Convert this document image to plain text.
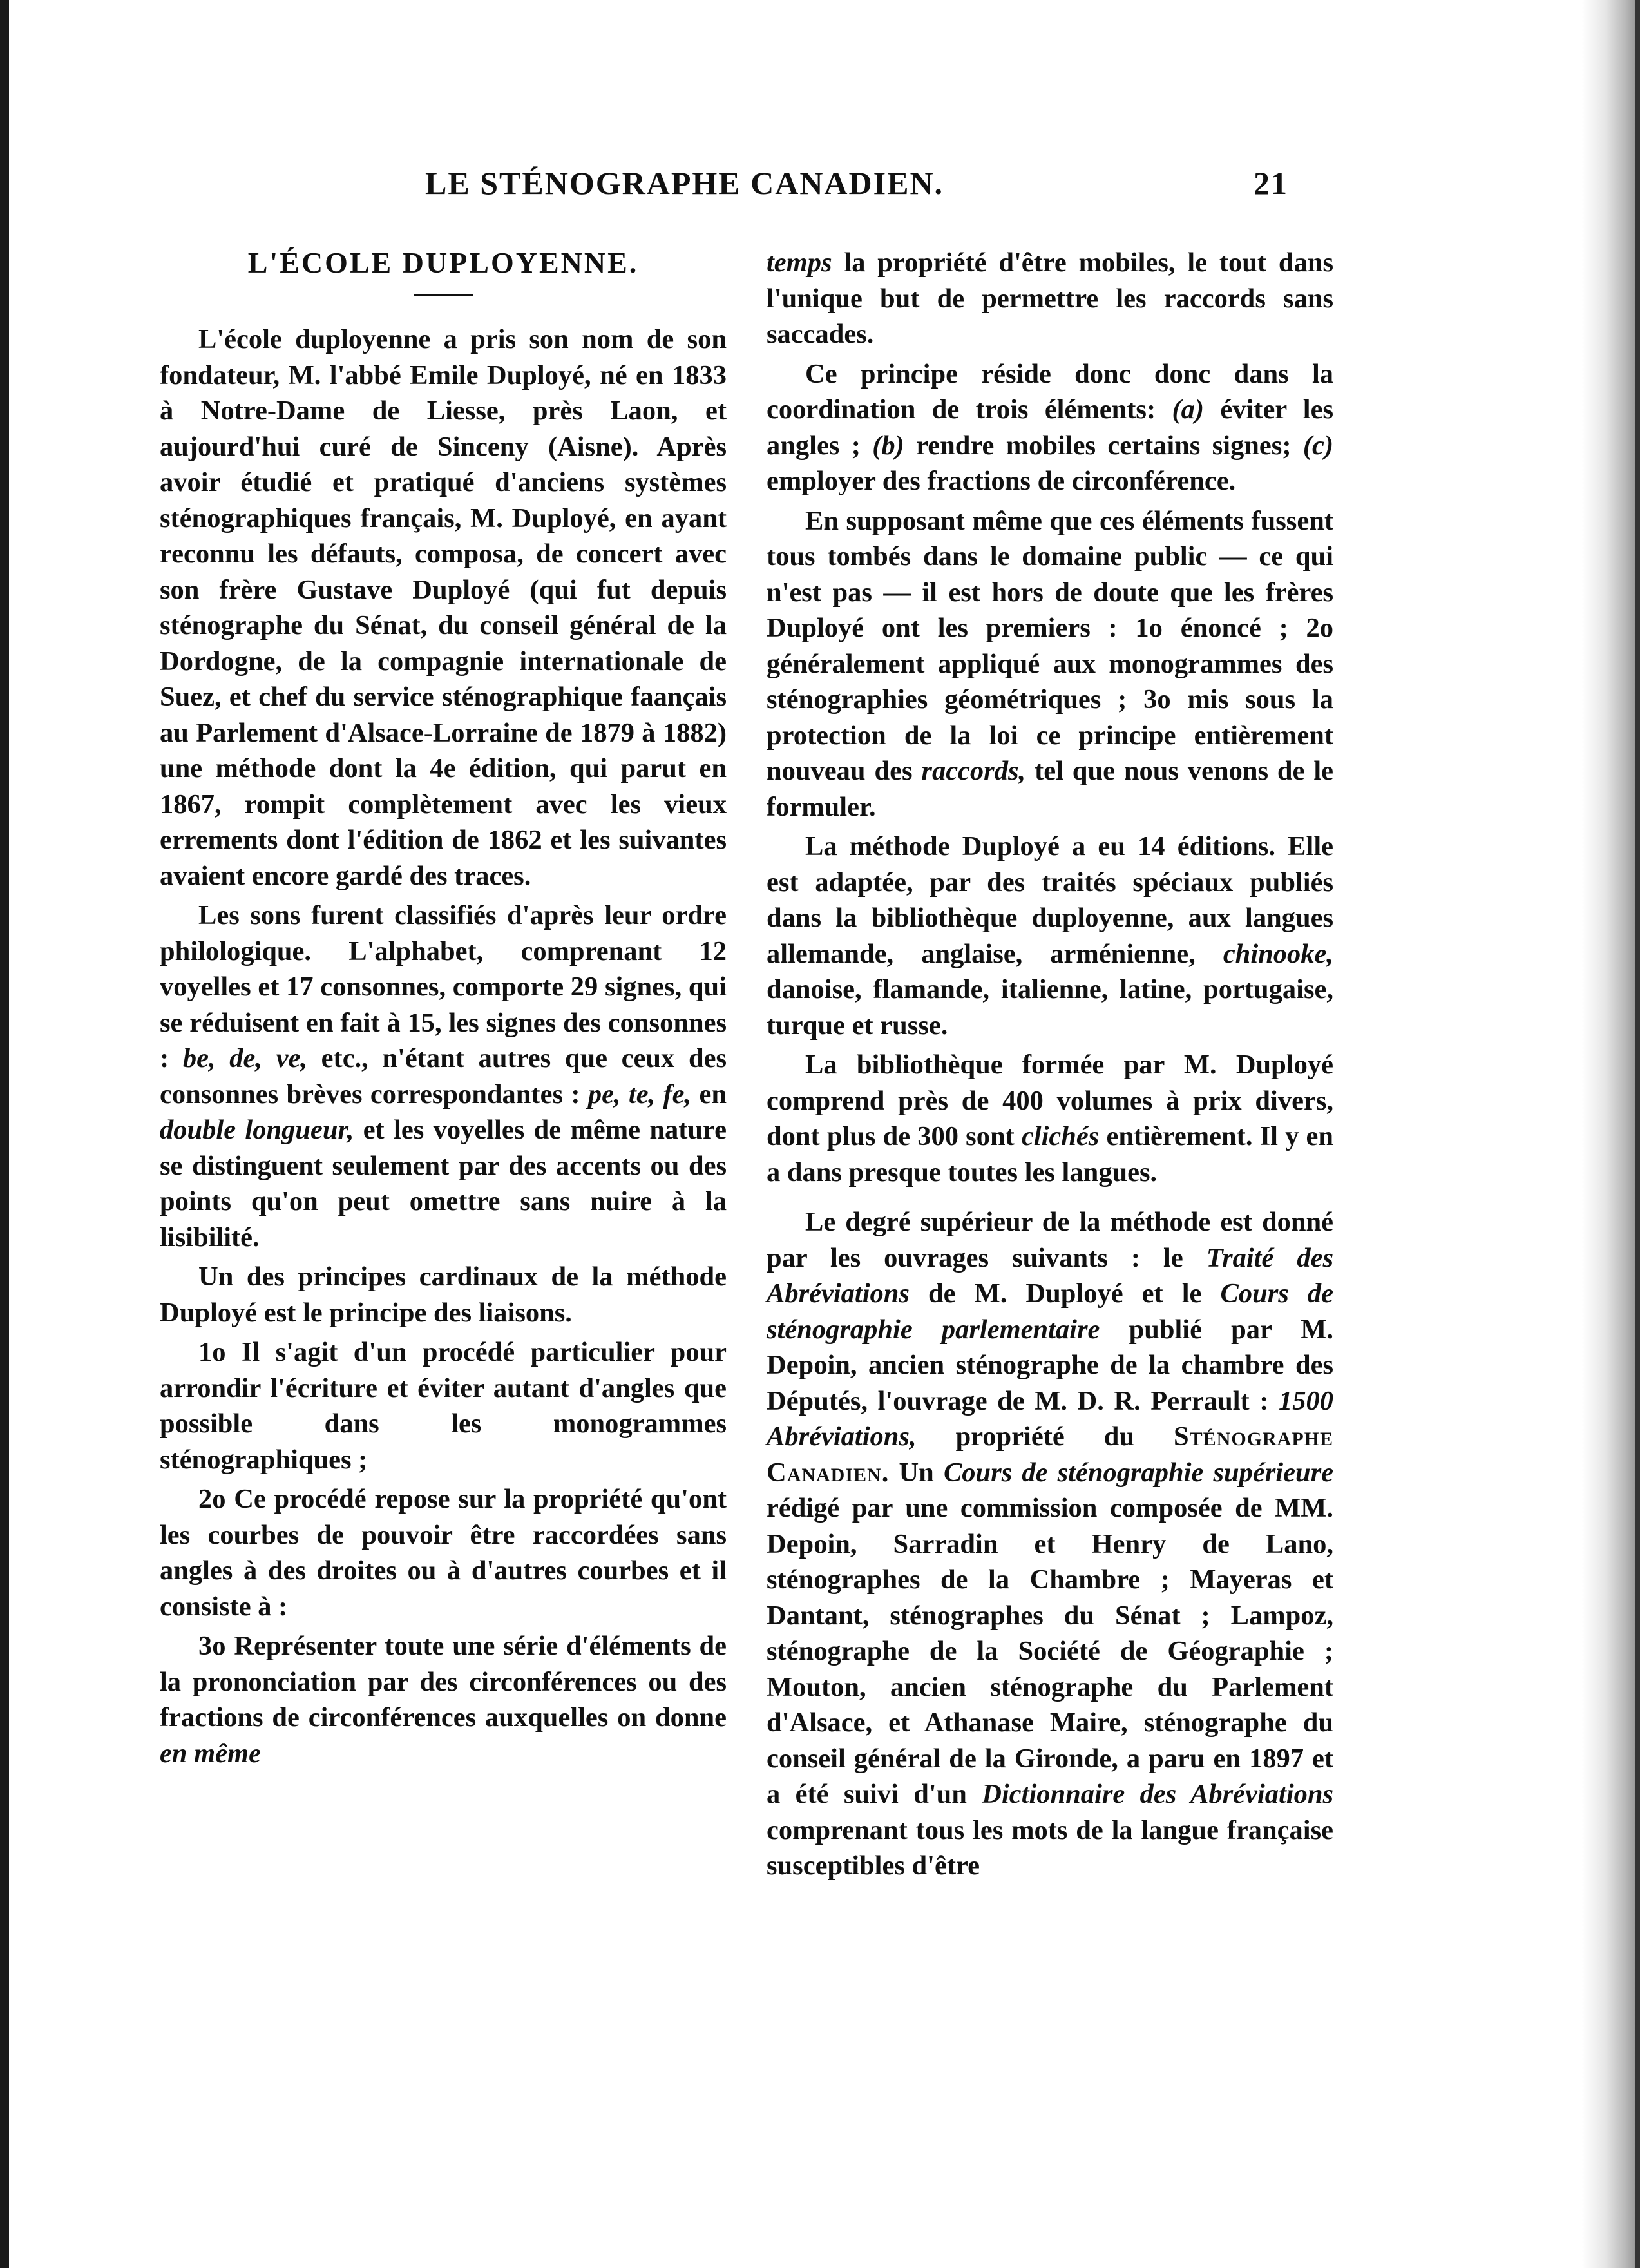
LE STÉNOGRAPHE CANADIEN.	21
L'ÉCOLE DUPLOYENNE.

L'école duployenne a pris son nom de son fondateur, M. l'abbé Emile Duployé, né en 1833 à Notre-Dame de Liesse, près Laon, et aujourd'hui curé de Sinceny (Aisne). Après avoir étudié et pratiqué d'anciens systèmes sténographiques français, M. Duployé, en ayant reconnu les défauts, composa, de concert avec son frère Gustave Duployé (qui fut depuis sténographe du Sénat, du conseil général de la Dordogne, de la compagnie internationale de Suez, et chef du service sténographique faançais au Parlement d'Alsace-Lorraine de 1879 à 1882) une méthode dont la 4e édition, qui parut en 1867, rompit complètement avec les vieux errements dont l'édition de 1862 et les suivantes avaient encore gardé des traces.

Les sons furent classifiés d'après leur ordre philologique. L'alphabet, comprenant 12 voyelles et 17 consonnes, comporte 29 signes, qui se réduisent en fait à 15, les signes des consonnes : be, de, ve, etc., n'étant autres que ceux des consonnes brèves correspondantes : pe, te, fe, en double longueur, et les voyelles de même nature se distinguent seulement par des accents ou des points qu'on peut omettre sans nuire à la lisibilité.

Un des principes cardinaux de la méthode Duployé est le principe des liaisons.

1o Il s'agit d'un procédé particulier pour arrondir l'écriture et éviter autant d'angles que possible dans les monogrammes sténographiques ;

2o Ce procédé repose sur la propriété qu'ont les courbes de pouvoir être raccordées sans angles à des droites ou à d'autres courbes et il consiste à :

3o Représenter toute une série d'éléments de la prononciation par des circonférences ou des fractions de circonférences auxquelles on donne en même

temps la propriété d'être mobiles, le tout dans l'unique but de permettre les raccords sans saccades.

Ce principe réside donc donc dans la coordination de trois éléments: (a) éviter les angles ; (b) rendre mobiles certains signes; (c) employer des fractions de circonférence.

En supposant même que ces éléments fussent tous tombés dans le domaine public — ce qui n'est pas — il est hors de doute que les frères Duployé ont les premiers : 1o énoncé ; 2o généralement appliqué aux monogrammes des sténographies géométriques ; 3o mis sous la protection de la loi ce principe entièrement nouveau des raccords, tel que nous venons de le formuler.

La méthode Duployé a eu 14 éditions. Elle est adaptée, par des traités spéciaux publiés dans la bibliothèque duployenne, aux langues allemande, anglaise, arménienne, chinooke, danoise, flamande, italienne, latine, portugaise, turque et russe.

La bibliothèque formée par M. Duployé comprend près de 400 volumes à prix divers, dont plus de 300 sont clichés entièrement. Il y en a dans presque toutes les langues.

Le degré supérieur de la méthode est donné par les ouvrages suivants : le Traité des Abréviations de M. Duployé et le Cours de sténographie parlementaire publié par M. Depoin, ancien sténographe de la chambre des Députés, l'ouvrage de M. D. R. Perrault : 1500 Abréviations, propriété du Sténographe Canadien. Un Cours de sténographie supérieure rédigé par une commission composée de MM. Depoin, Sarradin et Henry de Lano, sténographes de la Chambre ; Mayeras et Dantant, sténographes du Sénat ; Lampoz, sténographe de la Société de Géographie ; Mouton, ancien sténographe du Parlement d'Alsace, et Athanase Maire, sténographe du conseil général de la Gironde, a paru en 1897 et a été suivi d'un Dictionnaire des Abréviations comprenant tous les mots de la langue française susceptibles d'être
